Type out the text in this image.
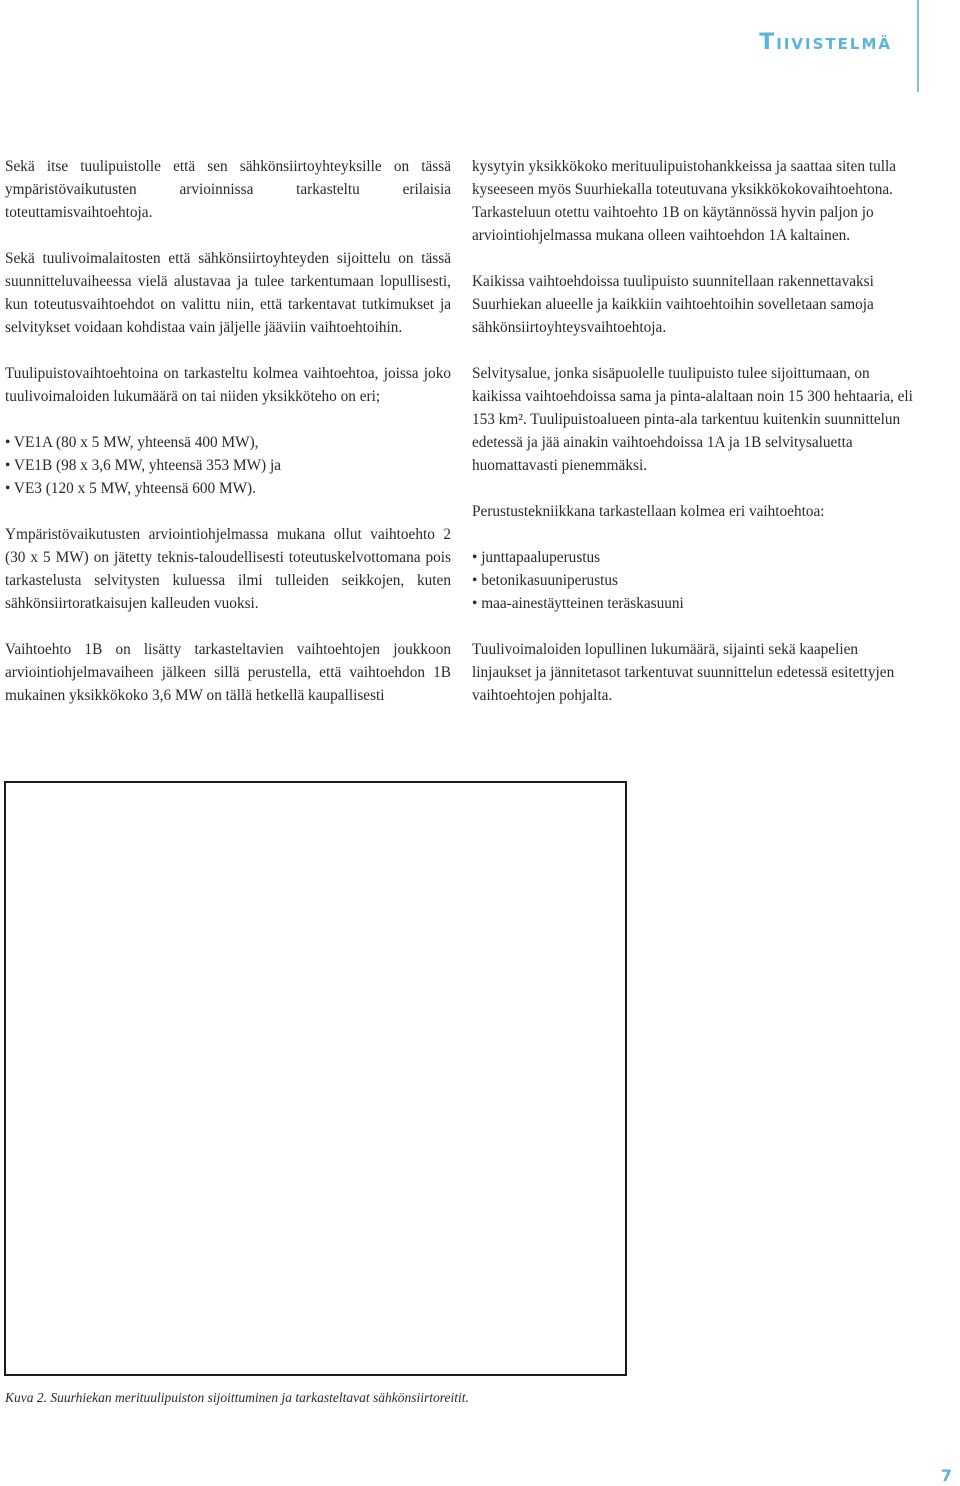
Tiivistelmä

Sekä itse tuulipuistolle että sen sähkönsiirtoyhteyksille on tässä ympäristövaikutusten arvioinnissa tarkasteltu erilaisia toteuttamisvaihtoehtoja.

Sekä tuulivoimalaitosten että sähkönsiirtoyhteyden sijoittelu on tässä suunnitteluvaiheessa vielä alustavaa ja tulee tarkentumaan lopullisesti, kun toteutusvaihtoehdot on valittu niin, että tarkentavat tutkimukset ja selvitykset voidaan kohdistaa vain jäljelle jääviin vaihtoehtoihin.

Tuulipuistovaihtoehtoina on tarkasteltu kolmea vaihtoehtoa, joissa joko tuulivoimaloiden lukumäärä on tai niiden yksikköteho on eri;

• VE1A (80 x 5 MW, yhteensä 400 MW),
• VE1B (98 x 3,6 MW, yhteensä 353 MW) ja
• VE3 (120 x 5 MW, yhteensä 600 MW).

Ympäristövaikutusten arviointiohjelmassa mukana ollut vaihtoehto 2 (30 x 5 MW) on jätetty teknis-taloudellisesti toteutuskelvottomana pois tarkastelusta selvitysten kuluessa ilmi tulleiden seikkojen, kuten sähkönsiirtoratkaisujen kalleuden vuoksi.

Vaihtoehto 1B on lisätty tarkasteltavien vaihtoehtojen joukkoon arviointiohjelmavaiheen jälkeen sillä perustella, että vaihtoehdon 1B mukainen yksikkökoko 3,6 MW on tällä hetkellä kaupallisesti

kysytyin yksikkökoko merituulipuistohankkeissa ja saattaa siten tulla kyseeseen myös Suurhiekalla toteutuvana yksikkökokovaihtoehtona. Tarkasteluun otettu vaihtoehto 1B on käytännössä hyvin paljon jo arviointiohjelmassa mukana olleen vaihtoehdon 1A kaltainen.

Kaikissa vaihtoehdoissa tuulipuisto suunnitellaan rakennettavaksi Suurhiekan alueelle ja kaikkiin vaihtoehtoihin sovelletaan samoja sähkönsiirtoyhteysvaihtoehtoja.

Selvitysalue, jonka sisäpuolelle tuulipuisto tulee sijoittumaan, on kaikissa vaihtoehdoissa sama ja pinta-alaltaan noin 15 300 hehtaaria, eli 153 km². Tuulipuistoalueen pinta-ala tarkentuu kuitenkin suunnittelun edetessä ja jää ainakin vaihtoehdoissa 1A ja 1B selvitysaluetta huomattavasti pienemmäksi.

Perustustekniikkana tarkastellaan kolmea eri vaihtoehtoa:

• junttapaaluperustus
• betonikasuuniperustus
• maa-ainestäytteinen teräskasuuni

Tuulivoimaloiden lopullinen lukumäärä, sijainti sekä kaapelien linjaukset ja jännitetasot tarkentuvat suunnittelun edetessä esitettyjen vaihtoehtojen pohjalta.

Kuva 2. Suurhiekan merituulipuiston sijoittuminen ja tarkasteltavat sähkönsiirtoreitit.
7
